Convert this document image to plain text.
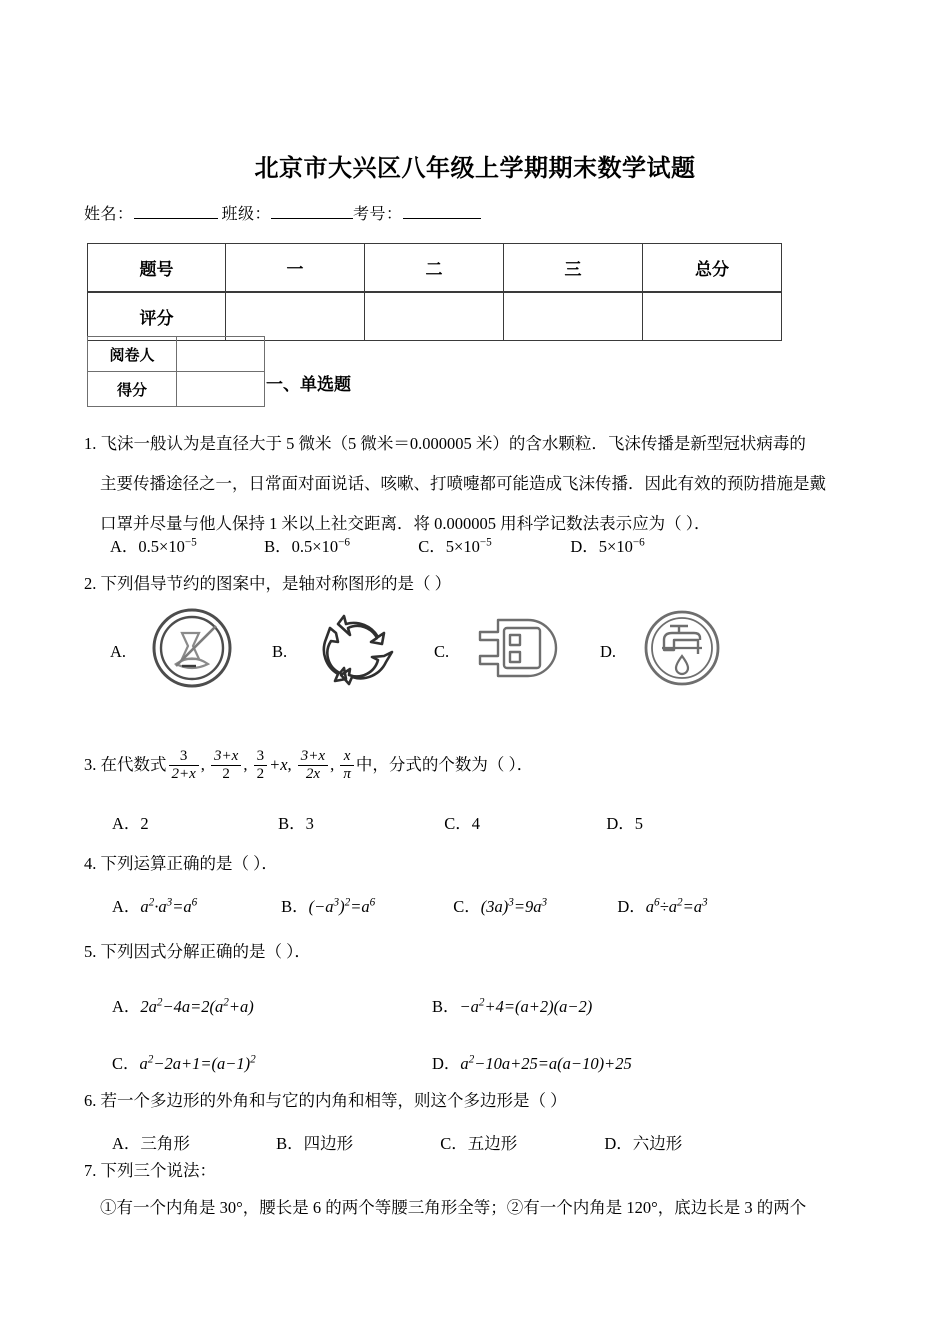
北京市大兴区八年级上学期期末数学试题
姓名：	班级：	考号：
题号	一	二	三	总分
评分				
阅卷人	
得分		一、单选题
1. 飞沫一般认为是直径大于 5 微米（5 微米＝0.000005 米）的含水颗粒．飞沫传播是新型冠状病毒的
主要传播途径之一，日常面对面说话、咳嗽、打喷嚏都可能造成飞沫传播．因此有效的预防措施是戴
口罩并尽量与他人保持 1 米以上社交距离．将 0.000005 用科学记数法表示应为（ ）．
A．$0.5\times 10^{-5}$	B．$0.5\times 10^{-6}$	C．$5\times 10^{-5}$	D．$5\times 10^{-6}$
2. 下列倡导节约的图案中，是轴对称图形的是（ ）
A.	B.	C.	D.
3. 在代数式 $\frac{3}{2+x}$ , $\frac{3+x}{2}$ , $\frac{3}{2} +x$, $\frac{3+x}{2x}$ , $\frac{x}{\pi}$ 中，分式的个数为（ ）．
A．2	B．3	C．4	D．5
4. 下列运算正确的是（ ）．
A．$a^2\cdot a^3=a^6$	B．$(-a^3)^2=a^6$	C．$(3a)^3=9a^3$	D．$a^6\div a^2=a^3$
5. 下列因式分解正确的是（ ）．
A．$2a^2-4a=2(a^2+a)$	B．$-a^2+4=(a+2)(a-2)$
C．$a^2-2a+1=(a-1)^2$	D．$a^2-10a+25=a(a-10)+25$
6. 若一个多边形的外角和与它的内角和相等，则这个多边形是（ ）
A．三角形	B．四边形	C．五边形	D．六边形
7. 下列三个说法：
①有一个内角是 30°，腰长是 6 的两个等腰三角形全等；②有一个内角是 120°，底边长是 3 的两个
